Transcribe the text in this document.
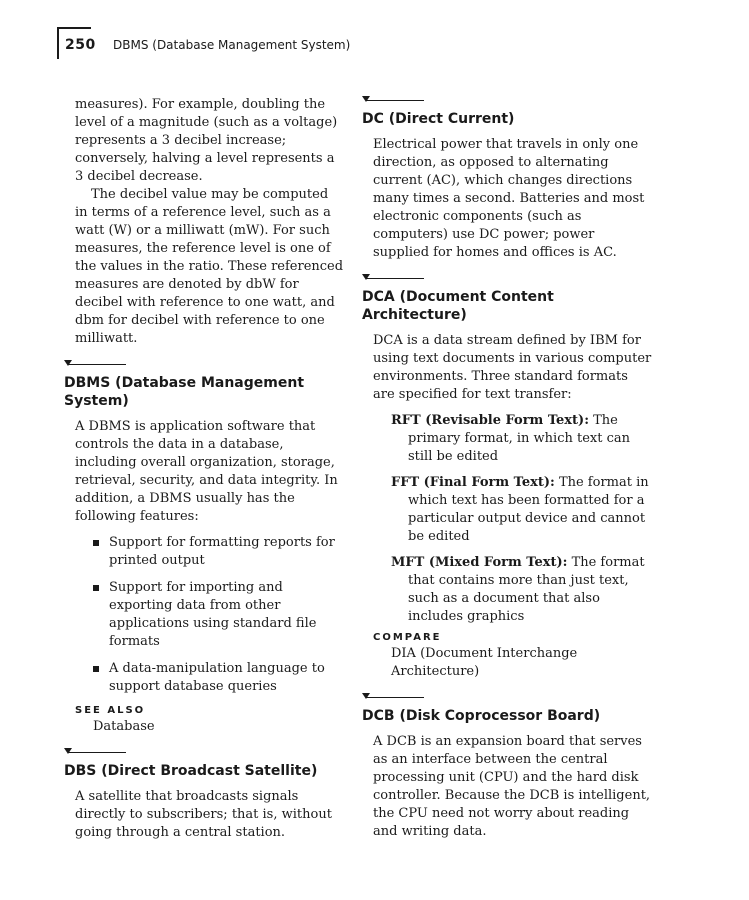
250 DBMS (Database Management System)

measures). For example, doubling the level of a magnitude (such as a voltage) represents a 3 decibel increase; conversely, halving a level represents a 3 decibel decrease.

The decibel value may be computed in terms of a reference level, such as a watt (W) or a milliwatt (mW). For such measures, the reference level is one of the values in the ratio. These referenced measures are denoted by dbW for decibel with reference to one watt, and dbm for decibel with reference to one milliwatt.

DBMS (Database Management System)

A DBMS is application software that controls the data in a database, including overall organization, storage, retrieval, security, and data integrity. In addition, a DBMS usually has the following features:

Support for formatting reports for printed output
Support for importing and exporting data from other applications using standard file formats
A data-manipulation language to support database queries
SEE ALSO
Database
DBS (Direct Broadcast Satellite)

A satellite that broadcasts signals directly to subscribers; that is, without going through a central station.

DC (Direct Current)

Electrical power that travels in only one direction, as opposed to alternating current (AC), which changes directions many times a second. Batteries and most electronic components (such as computers) use DC power; power supplied for homes and offices is AC.

DCA (Document Content Architecture)

DCA is a data stream defined by IBM for using text documents in various computer environments. Three standard formats are specified for text transfer:

RFT (Revisable Form Text): The primary format, in which text can still be edited

FFT (Final Form Text): The format in which text has been formatted for a particular output device and cannot be edited

MFT (Mixed Form Text): The format that contains more than just text, such as a document that also includes graphics

COMPARE
DIA (Document Interchange Architecture)
DCB (Disk Coprocessor Board)

A DCB is an expansion board that serves as an interface between the central processing unit (CPU) and the hard disk controller. Because the DCB is intelligent, the CPU need not worry about reading and writing data.
